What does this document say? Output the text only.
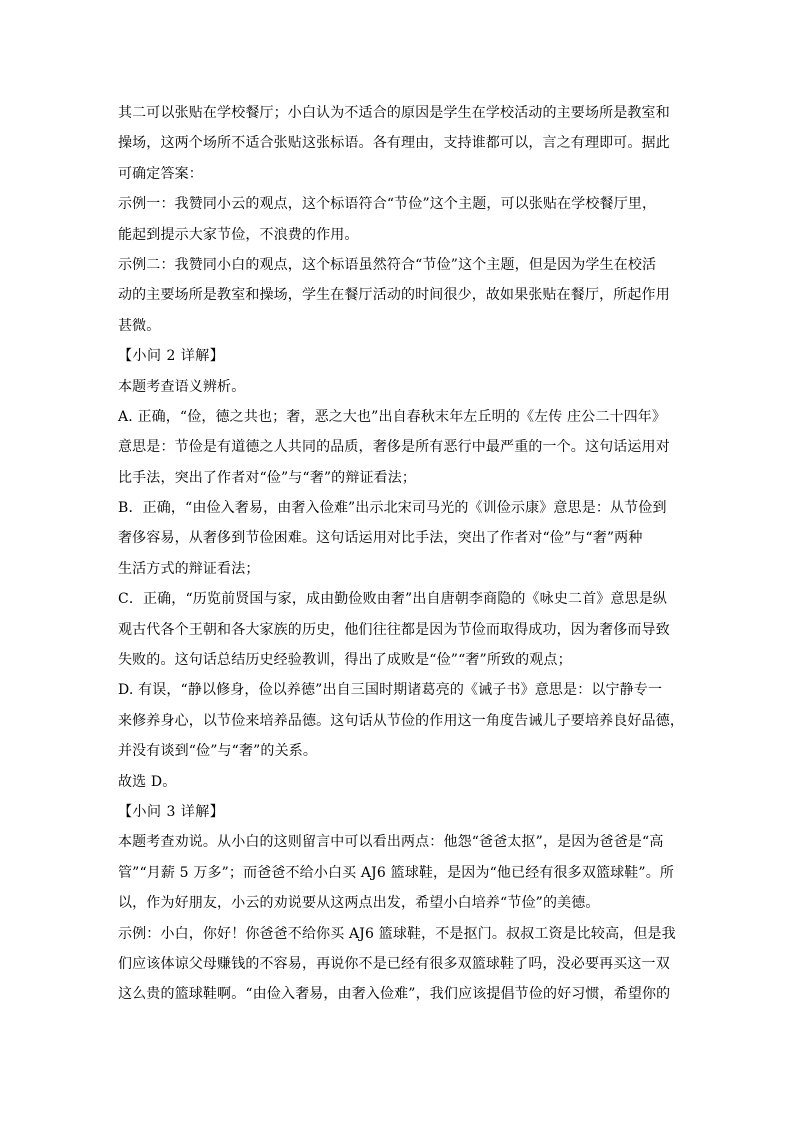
其二可以张贴在学校餐厅；小白认为不适合的原因是学生在学校活动的主要场所是教室和
操场，这两个场所不适合张贴这张标语。各有理由，支持谁都可以，言之有理即可。据此
可确定答案：
示例一：我赞同小云的观点，这个标语符合“节俭”这个主题，可以张贴在学校餐厅里，
能起到提示大家节俭，不浪费的作用。
示例二：我赞同小白的观点，这个标语虽然符合“节俭”这个主题，但是因为学生在校活
动的主要场所是教室和操场，学生在餐厅活动的时间很少，故如果张贴在餐厅，所起作用
甚微。
【小问 2 详解】
本题考查语义辨析。
A. 正确，“俭，德之共也；奢，恶之大也”出自春秋末年左丘明的《左传 庄公二十四年》
意思是：节俭是有道德之人共同的品质，奢侈是所有恶行中最严重的一个。这句话运用对
比手法，突出了作者对“俭”与“奢”的辩证看法；
B．正确，“由俭入奢易，由奢入俭难”出示北宋司马光的《训俭示康》意思是：从节俭到
奢侈容易，从奢侈到节俭困难。这句话运用对比手法，突出了作者对“俭”与“奢”两种
生活方式的辩证看法；
C．正确，“历览前贤国与家，成由勤俭败由奢”出自唐朝李商隐的《咏史二首》意思是纵
观古代各个王朝和各大家族的历史，他们往往都是因为节俭而取得成功，因为奢侈而导致
失败的。这句话总结历史经验教训，得出了成败是“俭”“奢”所致的观点；
D. 有误，“静以修身，俭以养德”出自三国时期诸葛亮的《诫子书》意思是：以宁静专一
来修养身心，以节俭来培养品德。这句话从节俭的作用这一角度告诫儿子要培养良好品德，
并没有谈到“俭”与“奢”的关系。
故选 D。
【小问 3 详解】
本题考查劝说。从小白的这则留言中可以看出两点：他怨“爸爸太抠”，是因为爸爸是“高
管”“月薪 5 万多”；而爸爸不给小白买 AJ6 篮球鞋，是因为“他已经有很多双篮球鞋”。所
以，作为好朋友，小云的劝说要从这两点出发，希望小白培养“节俭”的美德。
示例：小白，你好！你爸爸不给你买 AJ6 篮球鞋，不是抠门。叔叔工资是比较高，但是我
们应该体谅父母赚钱的不容易，再说你不是已经有很多双篮球鞋了吗，没必要再买这一双
这么贵的篮球鞋啊。“由俭入奢易，由奢入俭难”，我们应该提倡节俭的好习惯，希望你的
